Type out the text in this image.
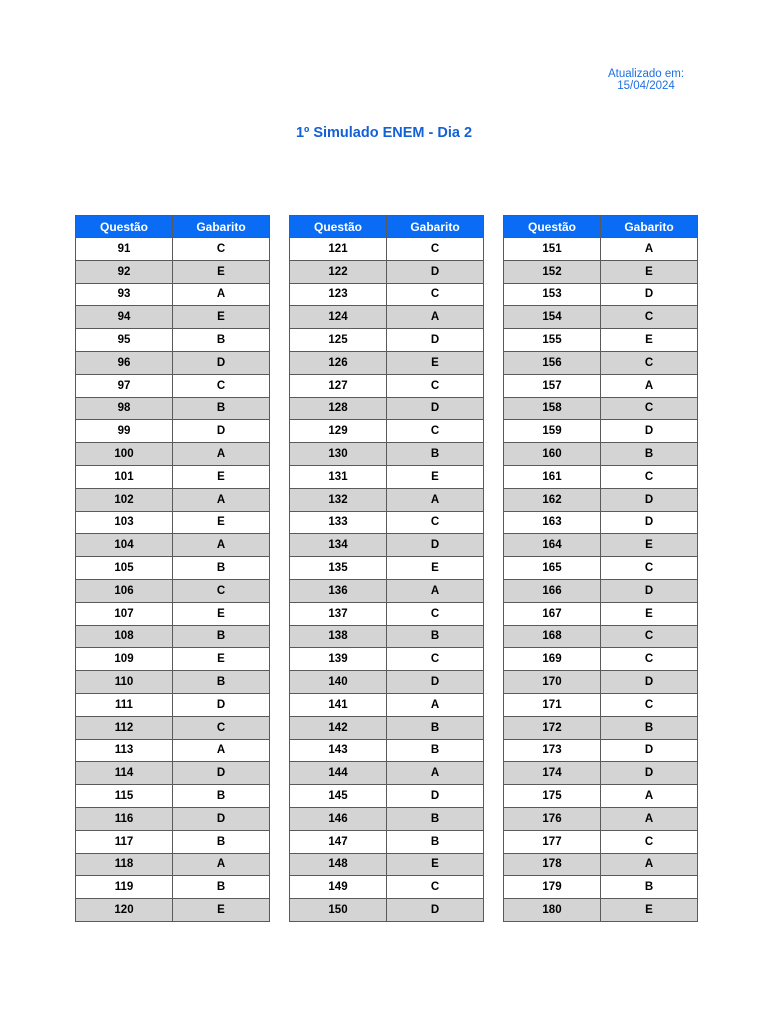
Atualizado em:
15/04/2024
1º Simulado ENEM - Dia 2
Questão	Gabarito
91	C
92	E
93	A
94	E
95	B
96	D
97	C
98	B
99	D
100	A
101	E
102	A
103	E
104	A
105	B
106	C
107	E
108	B
109	E
110	B
111	D
112	C
113	A
114	D
115	B
116	D
117	B
118	A
119	B
120	E
Questão	Gabarito
121	C
122	D
123	C
124	A
125	D
126	E
127	C
128	D
129	C
130	B
131	E
132	A
133	C
134	D
135	E
136	A
137	C
138	B
139	C
140	D
141	A
142	B
143	B
144	A
145	D
146	B
147	B
148	E
149	C
150	D
Questão	Gabarito
151	A
152	E
153	D
154	C
155	E
156	C
157	A
158	C
159	D
160	B
161	C
162	D
163	D
164	E
165	C
166	D
167	E
168	C
169	C
170	D
171	C
172	B
173	D
174	D
175	A
176	A
177	C
178	A
179	B
180	E
